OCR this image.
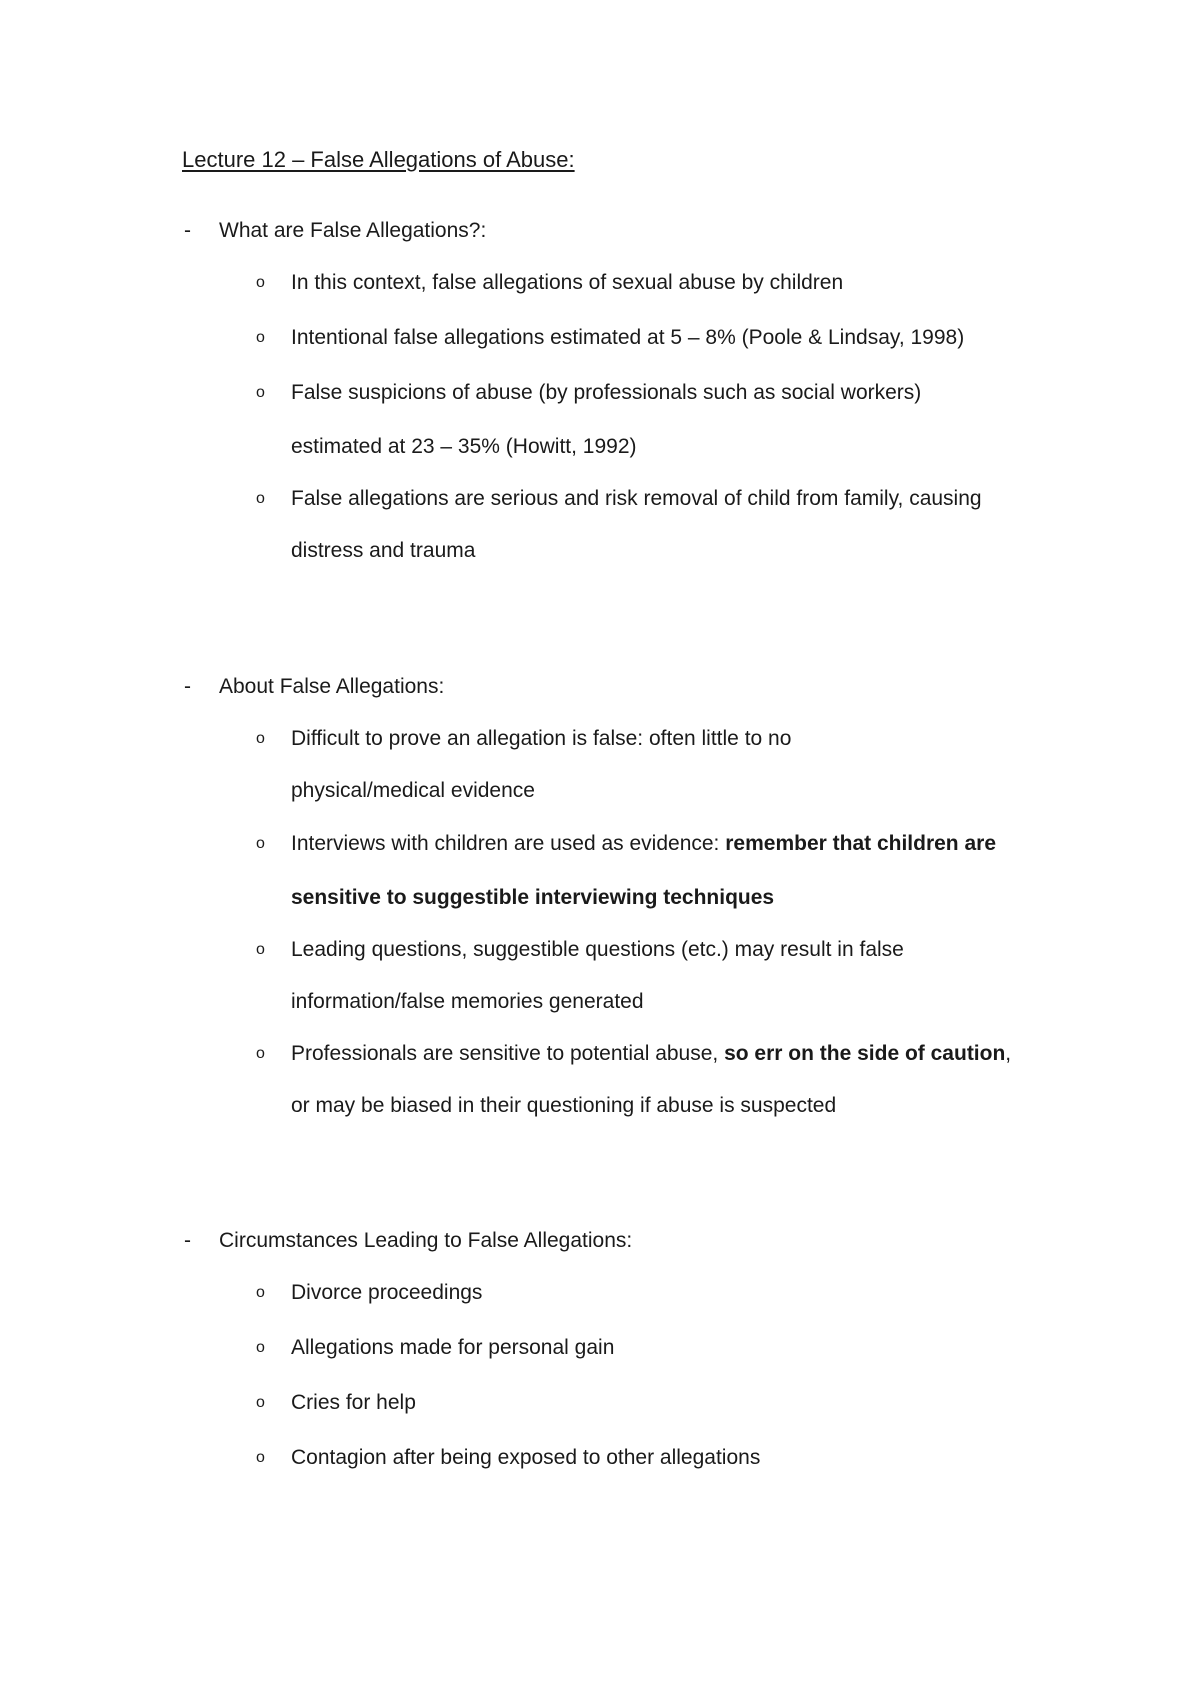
Lecture 12 – False Allegations of Abuse:
- What are False Allegations?:
o In this context, false allegations of sexual abuse by children
o Intentional false allegations estimated at 5 – 8% (Poole & Lindsay, 1998)
o False suspicions of abuse (by professionals such as social workers)
estimated at 23 – 35% (Howitt, 1992)
o False allegations are serious and risk removal of child from family, causing
distress and trauma
- About False Allegations:
o Difficult to prove an allegation is false: often little to no
physical/medical evidence
o Interviews with children are used as evidence: remember that children are
sensitive to suggestible interviewing techniques
o Leading questions, suggestible questions (etc.) may result in false
information/false memories generated
o Professionals are sensitive to potential abuse, so err on the side of caution,
or may be biased in their questioning if abuse is suspected
- Circumstances Leading to False Allegations:
o Divorce proceedings
o Allegations made for personal gain
o Cries for help
o Contagion after being exposed to other allegations
